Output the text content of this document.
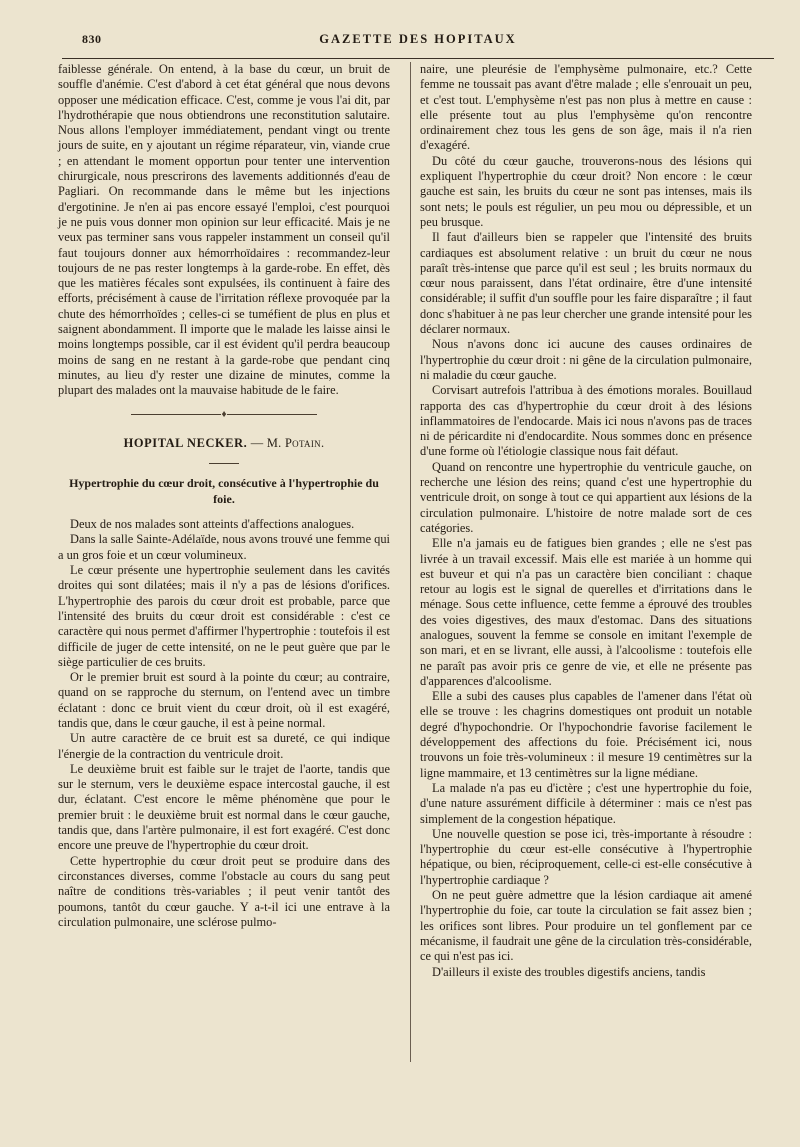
830	GAZETTE DES HOPITAUX

faiblesse générale. On entend, à la base du cœur, un bruit de souffle d'anémie. C'est d'abord à cet état général que nous devons opposer une médication efficace. C'est, comme je vous l'ai dit, par l'hydrothérapie que nous obtiendrons une reconstitution salutaire. Nous allons l'employer immédiatement, pendant vingt ou trente jours de suite, en y ajoutant un régime réparateur, vin, viande crue ; en attendant le moment opportun pour tenter une intervention chirurgicale, nous prescrirons des lavements additionnés d'eau de Pagliari. On recommande dans le même but les injections d'ergotinine. Je n'en ai pas encore essayé l'emploi, c'est pourquoi je ne puis vous donner mon opinion sur leur efficacité. Mais je ne veux pas terminer sans vous rappeler instamment un conseil qu'il faut toujours donner aux hémorrhoïdaires : recommandez-leur toujours de ne pas rester longtemps à la garde-robe. En effet, dès que les matières fécales sont expulsées, ils continuent à faire des efforts, précisément à cause de l'irritation réflexe provoquée par la chute des hémorrhoïdes ; celles-ci se tuméfient de plus en plus et saignent abondamment. Il importe que le malade les laisse ainsi le moins longtemps possible, car il est évident qu'il perdra beaucoup moins de sang en ne restant à la garde-robe que pendant cinq minutes, au lieu d'y rester une dizaine de minutes, comme la plupart des malades ont la mauvaise habitude de le faire.

♦
HOPITAL NECKER. — M. Potain.
Hypertrophie du cœur droit, consécutive à l'hypertrophie du foie.

Deux de nos malades sont atteints d'affections analogues.

Dans la salle Sainte-Adélaïde, nous avons trouvé une femme qui a un gros foie et un cœur volumineux.

Le cœur présente une hypertrophie seulement dans les cavités droites qui sont dilatées; mais il n'y a pas de lésions d'orifices. L'hypertrophie des parois du cœur droit est probable, parce que l'intensité des bruits du cœur droit est considérable : c'est ce caractère qui nous permet d'affirmer l'hypertrophie : toutefois il est difficile de juger de cette intensité, on ne le peut guère que par le siège particulier de ces bruits.

Or le premier bruit est sourd à la pointe du cœur; au contraire, quand on se rapproche du sternum, on l'entend avec un timbre éclatant : donc ce bruit vient du cœur droit, où il est exagéré, tandis que, dans le cœur gauche, il est à peine normal.

Un autre caractère de ce bruit est sa dureté, ce qui indique l'énergie de la contraction du ventricule droit.

Le deuxième bruit est faible sur le trajet de l'aorte, tandis que sur le sternum, vers le deuxième espace intercostal gauche, il est dur, éclatant. C'est encore le même phénomène que pour le premier bruit : le deuxième bruit est normal dans le cœur gauche, tandis que, dans l'artère pulmonaire, il est fort exagéré. C'est donc encore une preuve de l'hypertrophie du cœur droit.

Cette hypertrophie du cœur droit peut se produire dans des circonstances diverses, comme l'obstacle au cours du sang peut naître de conditions très-variables ; il peut venir tantôt des poumons, tantôt du cœur gauche. Y a-t-il ici une entrave à la circulation pulmonaire, une sclérose pulmo-

naire, une pleurésie de l'emphysème pulmonaire, etc.? Cette femme ne toussait pas avant d'être malade ; elle s'enrouait un peu, et c'est tout. L'emphysème n'est pas non plus à mettre en cause : elle présente tout au plus l'emphysème qu'on rencontre ordinairement chez tous les gens de son âge, mais il n'a rien d'exagéré.

Du côté du cœur gauche, trouverons-nous des lésions qui expliquent l'hypertrophie du cœur droit? Non encore : le cœur gauche est sain, les bruits du cœur ne sont pas intenses, mais ils sont nets; le pouls est régulier, un peu mou ou dépressible, et un peu brusque.

Il faut d'ailleurs bien se rappeler que l'intensité des bruits cardiaques est absolument relative : un bruit du cœur ne nous paraît très-intense que parce qu'il est seul ; les bruits normaux du cœur nous paraissent, dans l'état ordinaire, être d'une intensité considérable; il suffit d'un souffle pour les faire disparaître ; il faut donc s'habituer à ne pas leur chercher une grande intensité pour les déclarer normaux.

Nous n'avons donc ici aucune des causes ordinaires de l'hypertrophie du cœur droit : ni gêne de la circulation pulmonaire, ni maladie du cœur gauche.

Corvisart autrefois l'attribua à des émotions morales. Bouillaud rapporta des cas d'hypertrophie du cœur droit à des lésions inflammatoires de l'endocarde. Mais ici nous n'avons pas de traces ni de péricardite ni d'endocardite. Nous sommes donc en présence d'une forme où l'étiologie classique nous fait défaut.

Quand on rencontre une hypertrophie du ventricule gauche, on recherche une lésion des reins; quand c'est une hypertrophie du ventricule droit, on songe à tout ce qui appartient aux lésions de la circulation pulmonaire. L'histoire de notre malade sort de ces catégories.

Elle n'a jamais eu de fatigues bien grandes ; elle ne s'est pas livrée à un travail excessif. Mais elle est mariée à un homme qui est buveur et qui n'a pas un caractère bien conciliant : chaque retour au logis est le signal de querelles et d'irritations dans le ménage. Sous cette influence, cette femme a éprouvé des troubles des voies digestives, des maux d'estomac. Dans des situations analogues, souvent la femme se console en imitant l'exemple de son mari, et en se livrant, elle aussi, à l'alcoolisme : toutefois elle ne paraît pas avoir pris ce genre de vie, et elle ne présente pas d'apparences d'alcoolisme.

Elle a subi des causes plus capables de l'amener dans l'état où elle se trouve : les chagrins domestiques ont produit un notable degré d'hypochondrie. Or l'hypochondrie favorise facilement le développement des affections du foie. Précisément ici, nous trouvons un foie très-volumineux : il mesure 19 centimètres sur la ligne mammaire, et 13 centimètres sur la ligne médiane.

La malade n'a pas eu d'ictère ; c'est une hypertrophie du foie, d'une nature assurément difficile à déterminer : mais ce n'est pas simplement de la congestion hépatique.

Une nouvelle question se pose ici, très-importante à résoudre : l'hypertrophie du cœur est-elle consécutive à l'hypertrophie hépatique, ou bien, réciproquement, celle-ci est-elle consécutive à l'hypertrophie cardiaque ?

On ne peut guère admettre que la lésion cardiaque ait amené l'hypertrophie du foie, car toute la circulation se fait assez bien ; les orifices sont libres. Pour produire un tel gonflement par ce mécanisme, il faudrait une gêne de la circulation très-considérable, ce qui n'est pas ici.

D'ailleurs il existe des troubles digestifs anciens, tandis
